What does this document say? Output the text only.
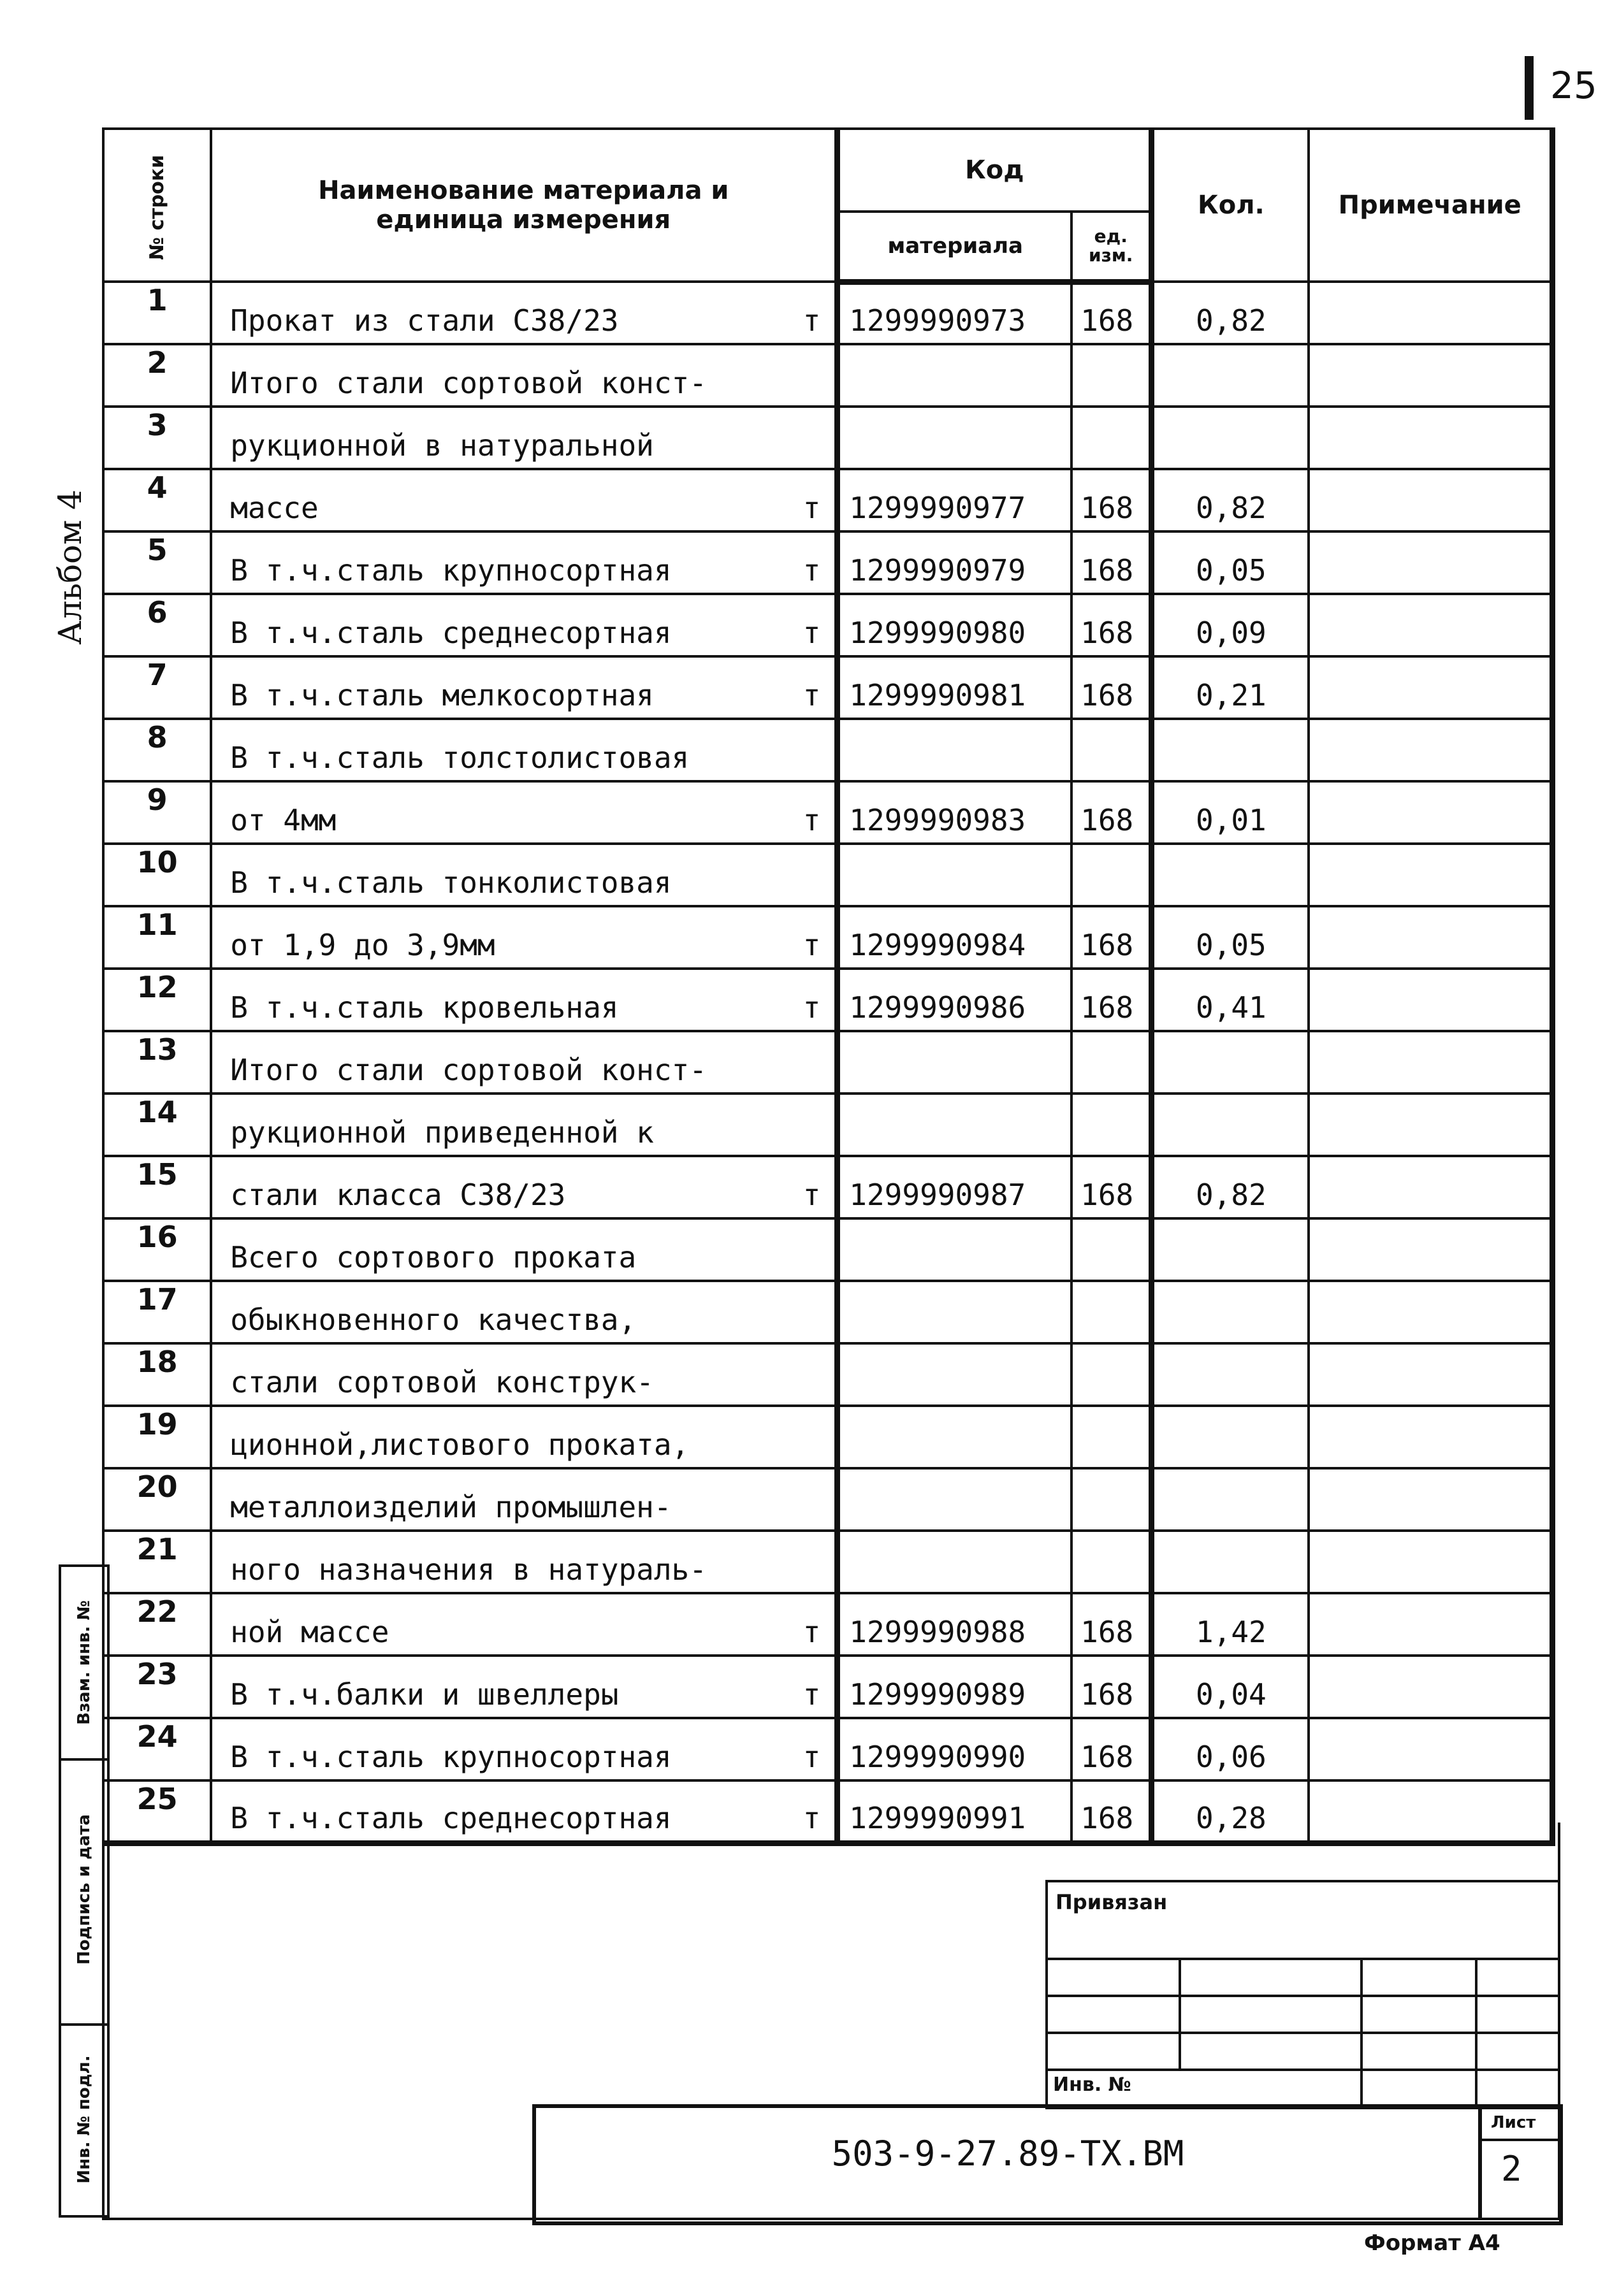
25
Альбом 4
Взам. инв. №
Подпись и дата
Инв. № подл.
№ строки	Наименование материала и единица измерения	Код		Кол.	Примечание
		материала	ед. изм.		
1	Прокат из стали С38/23 т	1299990973	168	0,82	
2	Итого стали сортовой конст-

3	рукционной в натуральной

4	массе т	1299990977	168	0,82	
5	В т.ч.сталь крупносортная т	1299990979	168	0,05	
6	В т.ч.сталь среднесортная т	1299990980	168	0,09	
7	В т.ч.сталь мелкосортная т	1299990981	168	0,21	
8	В т.ч.сталь толстолистовая

9	от 4мм т	1299990983	168	0,01	
10	В т.ч.сталь тонколистовая

11	от 1,9 до 3,9мм т	1299990984	168	0,05	
12	В т.ч.сталь кровельная т	1299990986	168	0,41	
13	Итого стали сортовой конст-

14	рукционной приведенной к

15	стали класса С38/23 т	1299990987	168	0,82	
16	Всего сортового проката

17	обыкновенного качества,

18	стали сортовой конструк-

19	ционной,листового проката,

20	металлоизделий промышлен-

21	ного назначения в натураль-

22	ной массе т	1299990988	168	1,42	
23	В т.ч.балки и швеллеры т	1299990989	168	0,04	
24	В т.ч.сталь крупносортная т	1299990990	168	0,06	
25	В т.ч.сталь среднесортная т	1299990991	168	0,28	
Привязан
Инв. №
503-9-27.89-ТХ.ВМ
Лист
2
Формат А4
